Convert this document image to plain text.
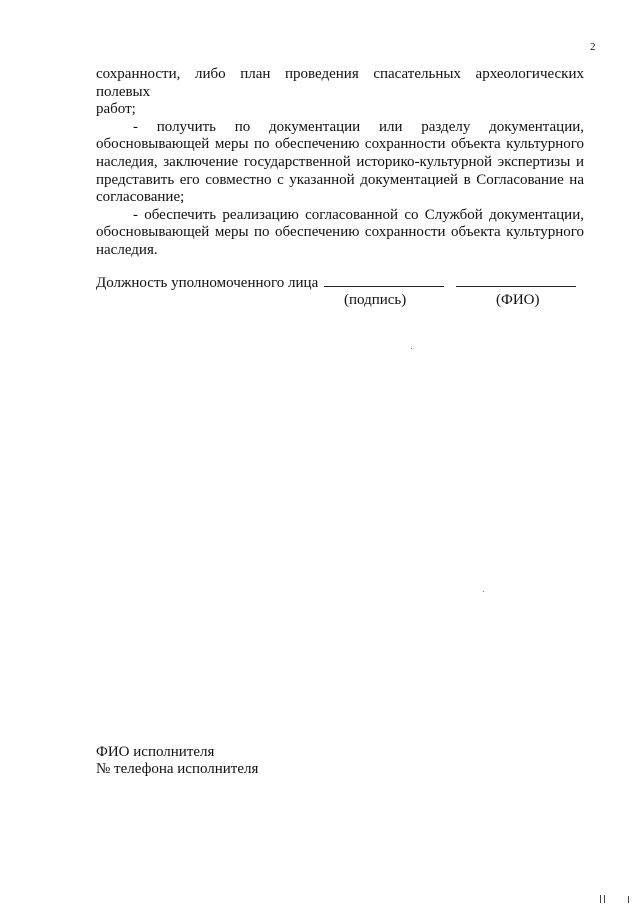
2

сохранности, либо план проведения спасательных археологических полевых

работ;

- получить по документации или разделу документации,

обосновывающей меры по обеспечению сохранности объекта культурного

наследия, заключение государственной историко-культурной экспертизы и

представить его совместно с указанной документацией в Согласование на

согласование;

- обеспечить реализацию согласованной со Службой документации,

обосновывающей меры по обеспечению сохранности объекта культурного

наследия.

Должность уполномоченного лица
(подпись)	(ФИО)
ФИО исполнителя
№ телефона исполнителя
